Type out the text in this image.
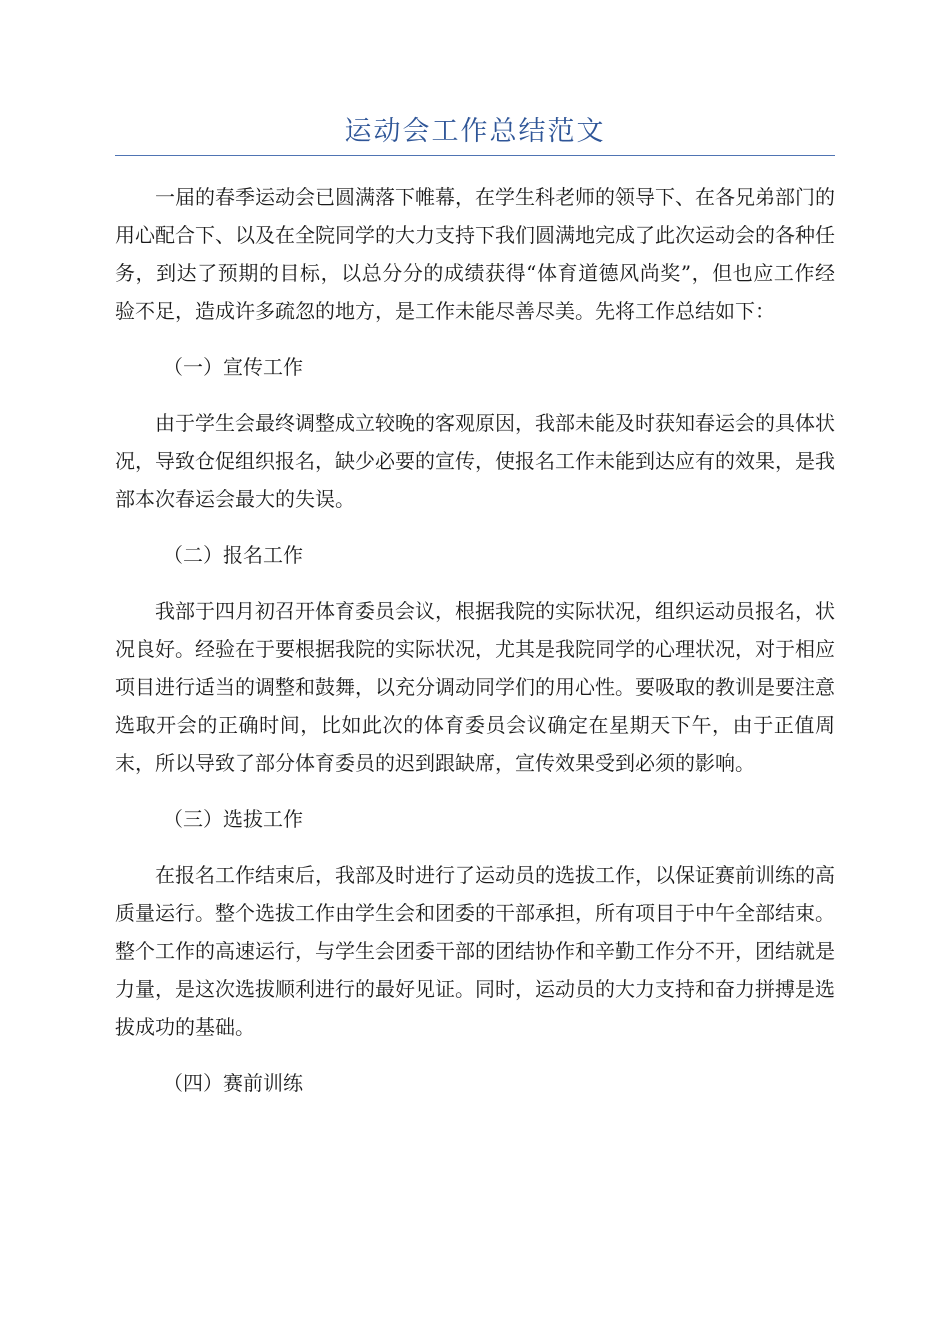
运动会工作总结范文

一届的春季运动会已圆满落下帷幕，在学生科老师的领导下、在各兄弟部门的用心配合下、以及在全院同学的大力支持下我们圆满地完成了此次运动会的各种任务，到达了预期的目标，以总分分的成绩获得“体育道德风尚奖”，但也应工作经验不足，造成许多疏忽的地方，是工作未能尽善尽美。先将工作总结如下：

（一）宣传工作

由于学生会最终调整成立较晚的客观原因，我部未能及时获知春运会的具体状况，导致仓促组织报名，缺少必要的宣传，使报名工作未能到达应有的效果，是我部本次春运会最大的失误。

（二）报名工作

我部于四月初召开体育委员会议，根据我院的实际状况，组织运动员报名，状况良好。经验在于要根据我院的实际状况，尤其是我院同学的心理状况，对于相应项目进行适当的调整和鼓舞，以充分调动同学们的用心性。要吸取的教训是要注意选取开会的正确时间，比如此次的体育委员会议确定在星期天下午，由于正值周末，所以导致了部分体育委员的迟到跟缺席，宣传效果受到必须的影响。

（三）选拔工作

在报名工作结束后，我部及时进行了运动员的选拔工作，以保证赛前训练的高质量运行。整个选拔工作由学生会和团委的干部承担，所有项目于中午全部结束。整个工作的高速运行，与学生会团委干部的团结协作和辛勤工作分不开，团结就是力量，是这次选拔顺利进行的最好见证。同时，运动员的大力支持和奋力拼搏是选拔成功的基础。

（四）赛前训练
